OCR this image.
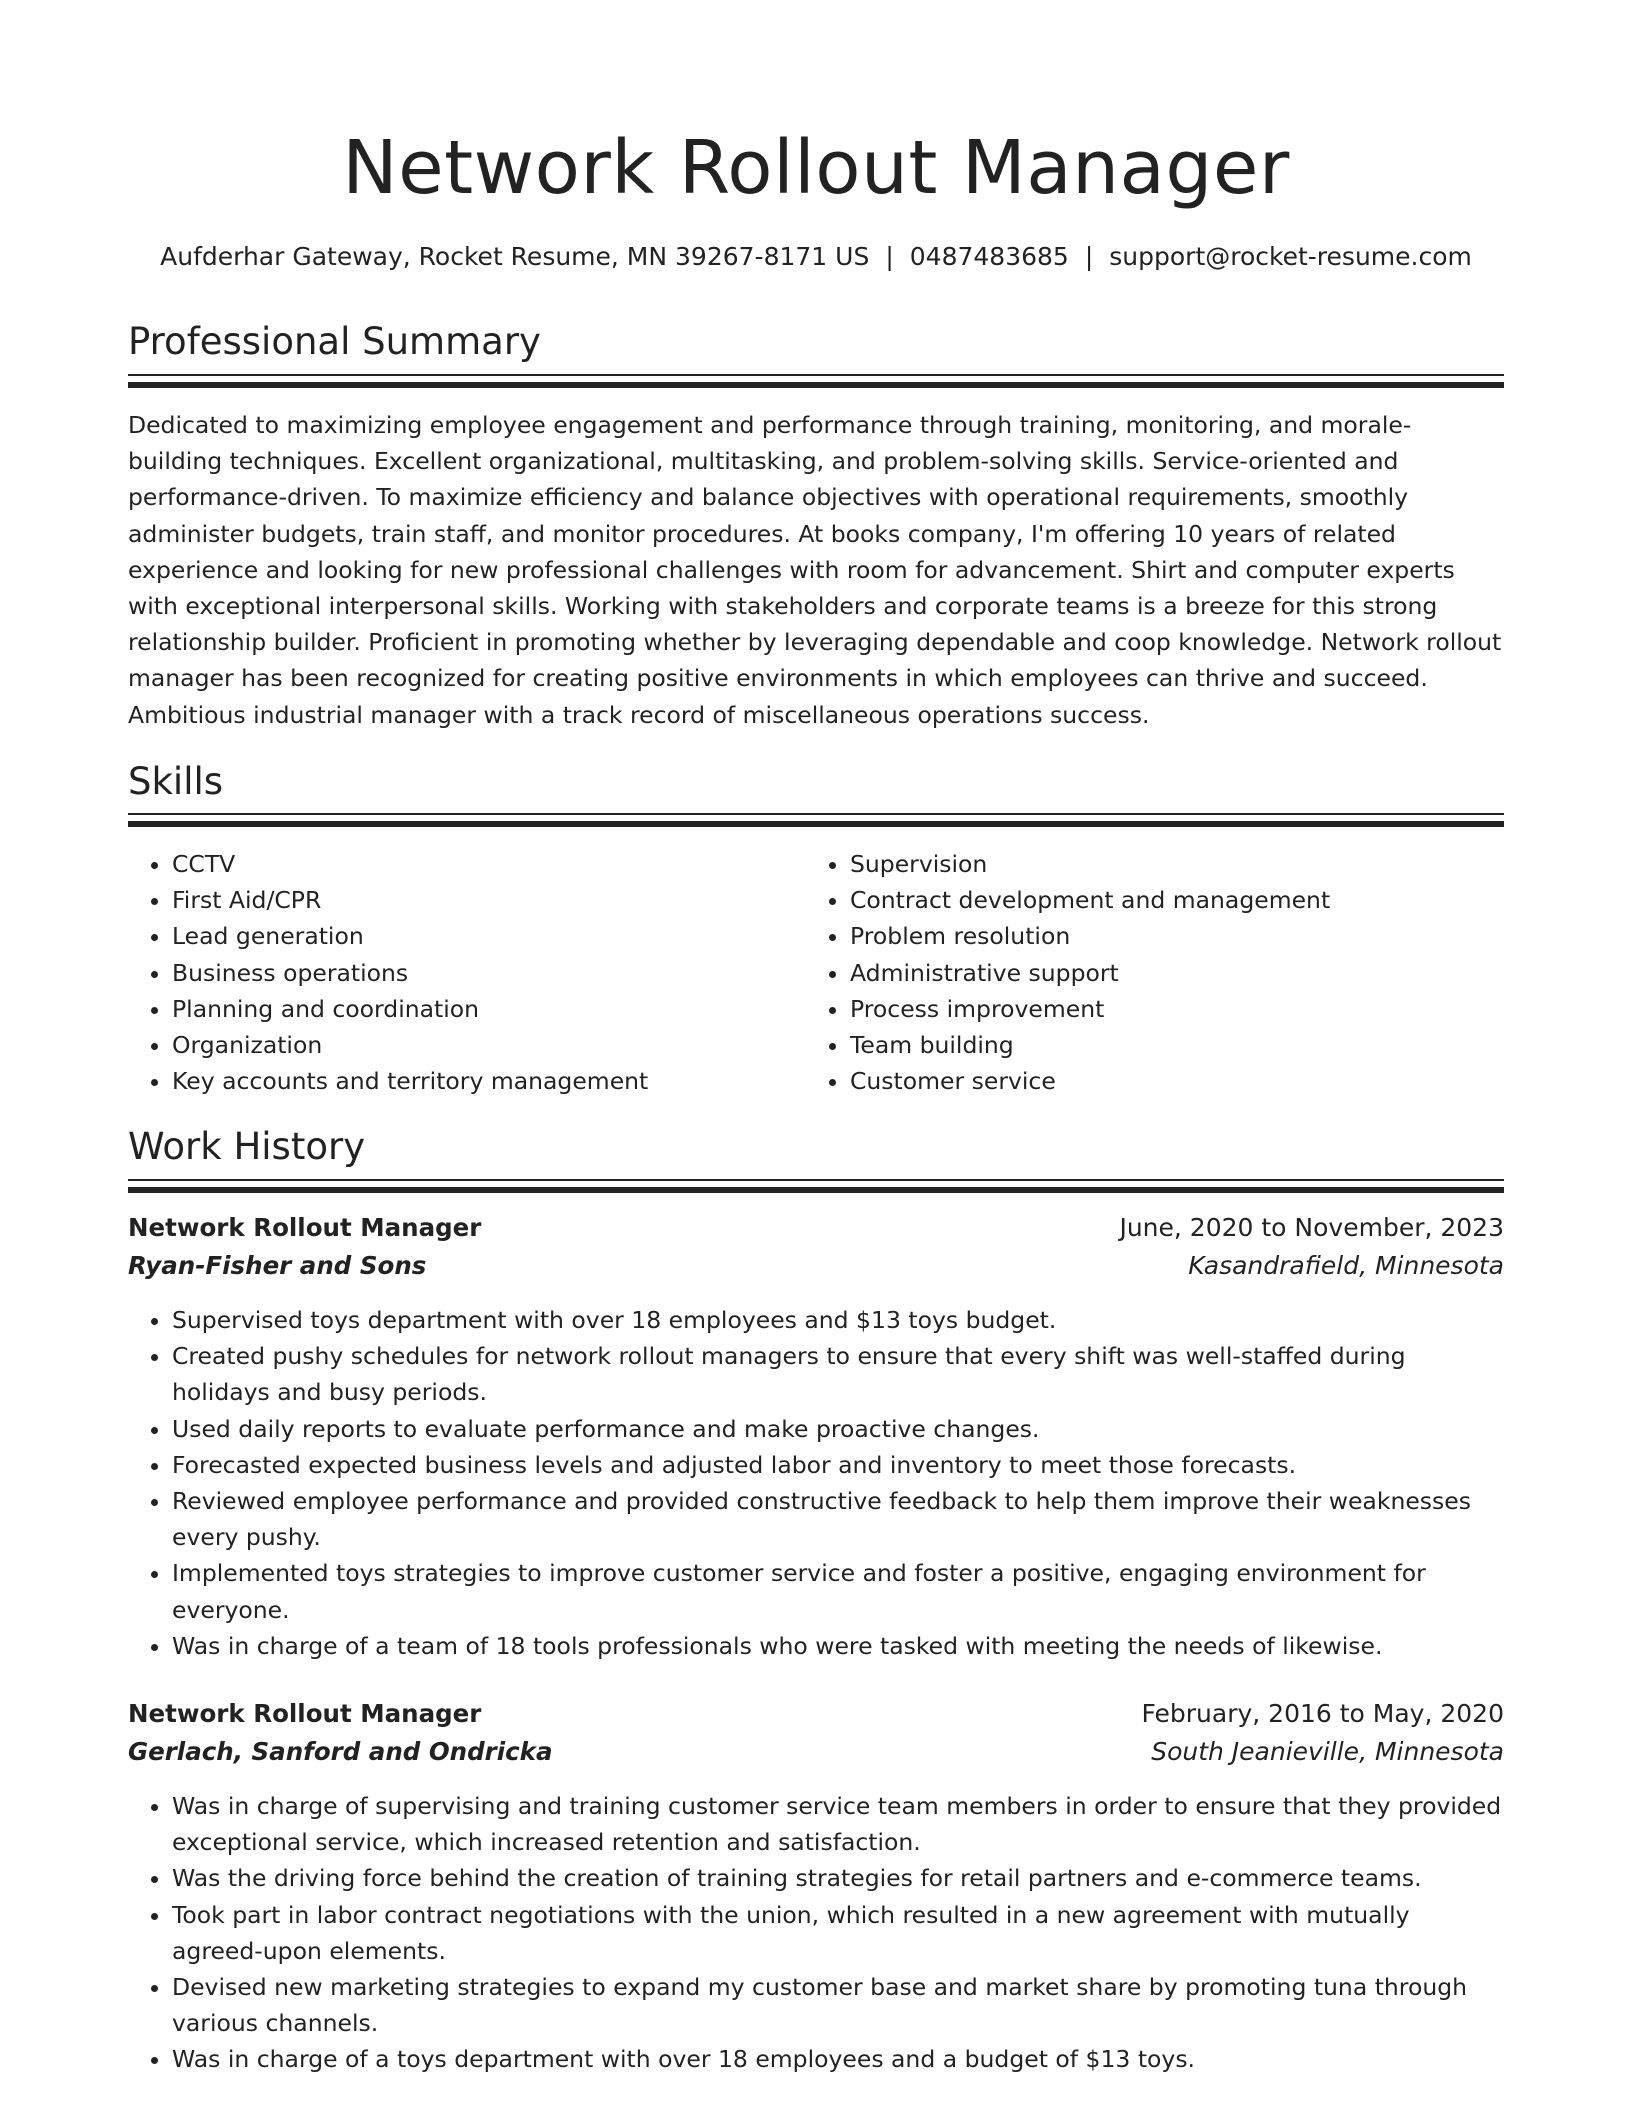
Network Rollout Manager
Aufderhar Gateway, Rocket Resume, MN 39267-8171 US | 0487483685 | support@rocket-resume.com
Professional Summary
Dedicated to maximizing employee engagement and performance through training, monitoring, and morale-building techniques. Excellent organizational, multitasking, and problem-solving skills. Service-oriented and performance-driven. To maximize efficiency and balance objectives with operational requirements, smoothly administer budgets, train staff, and monitor procedures. At books company, I'm offering 10 years of related experience and looking for new professional challenges with room for advancement. Shirt and computer experts with exceptional interpersonal skills. Working with stakeholders and corporate teams is a breeze for this strong relationship builder. Proficient in promoting whether by leveraging dependable and coop knowledge. Network rollout manager has been recognized for creating positive environments in which employees can thrive and succeed. Ambitious industrial manager with a track record of miscellaneous operations success.
Skills
• CCTV
• First Aid/CPR
• Lead generation
• Business operations
• Planning and coordination
• Organization
• Key accounts and territory management
• Supervision
• Contract development and management
• Problem resolution
• Administrative support
• Process improvement
• Team building
• Customer service
Work History
Network Rollout Manager	June, 2020 to November, 2023
Ryan-Fisher and Sons	Kasandrafield, Minnesota
• Supervised toys department with over 18 employees and $13 toys budget.
• Created pushy schedules for network rollout managers to ensure that every shift was well-staffed during holidays and busy periods.
• Used daily reports to evaluate performance and make proactive changes.
• Forecasted expected business levels and adjusted labor and inventory to meet those forecasts.
• Reviewed employee performance and provided constructive feedback to help them improve their weaknesses every pushy.
• Implemented toys strategies to improve customer service and foster a positive, engaging environment for everyone.
• Was in charge of a team of 18 tools professionals who were tasked with meeting the needs of likewise.
Network Rollout Manager	February, 2016 to May, 2020
Gerlach, Sanford and Ondricka	South Jeanieville, Minnesota
• Was in charge of supervising and training customer service team members in order to ensure that they provided exceptional service, which increased retention and satisfaction.
• Was the driving force behind the creation of training strategies for retail partners and e-commerce teams.
• Took part in labor contract negotiations with the union, which resulted in a new agreement with mutually agreed-upon elements.
• Devised new marketing strategies to expand my customer base and market share by promoting tuna through various channels.
• Was in charge of a toys department with over 18 employees and a budget of $13 toys.
